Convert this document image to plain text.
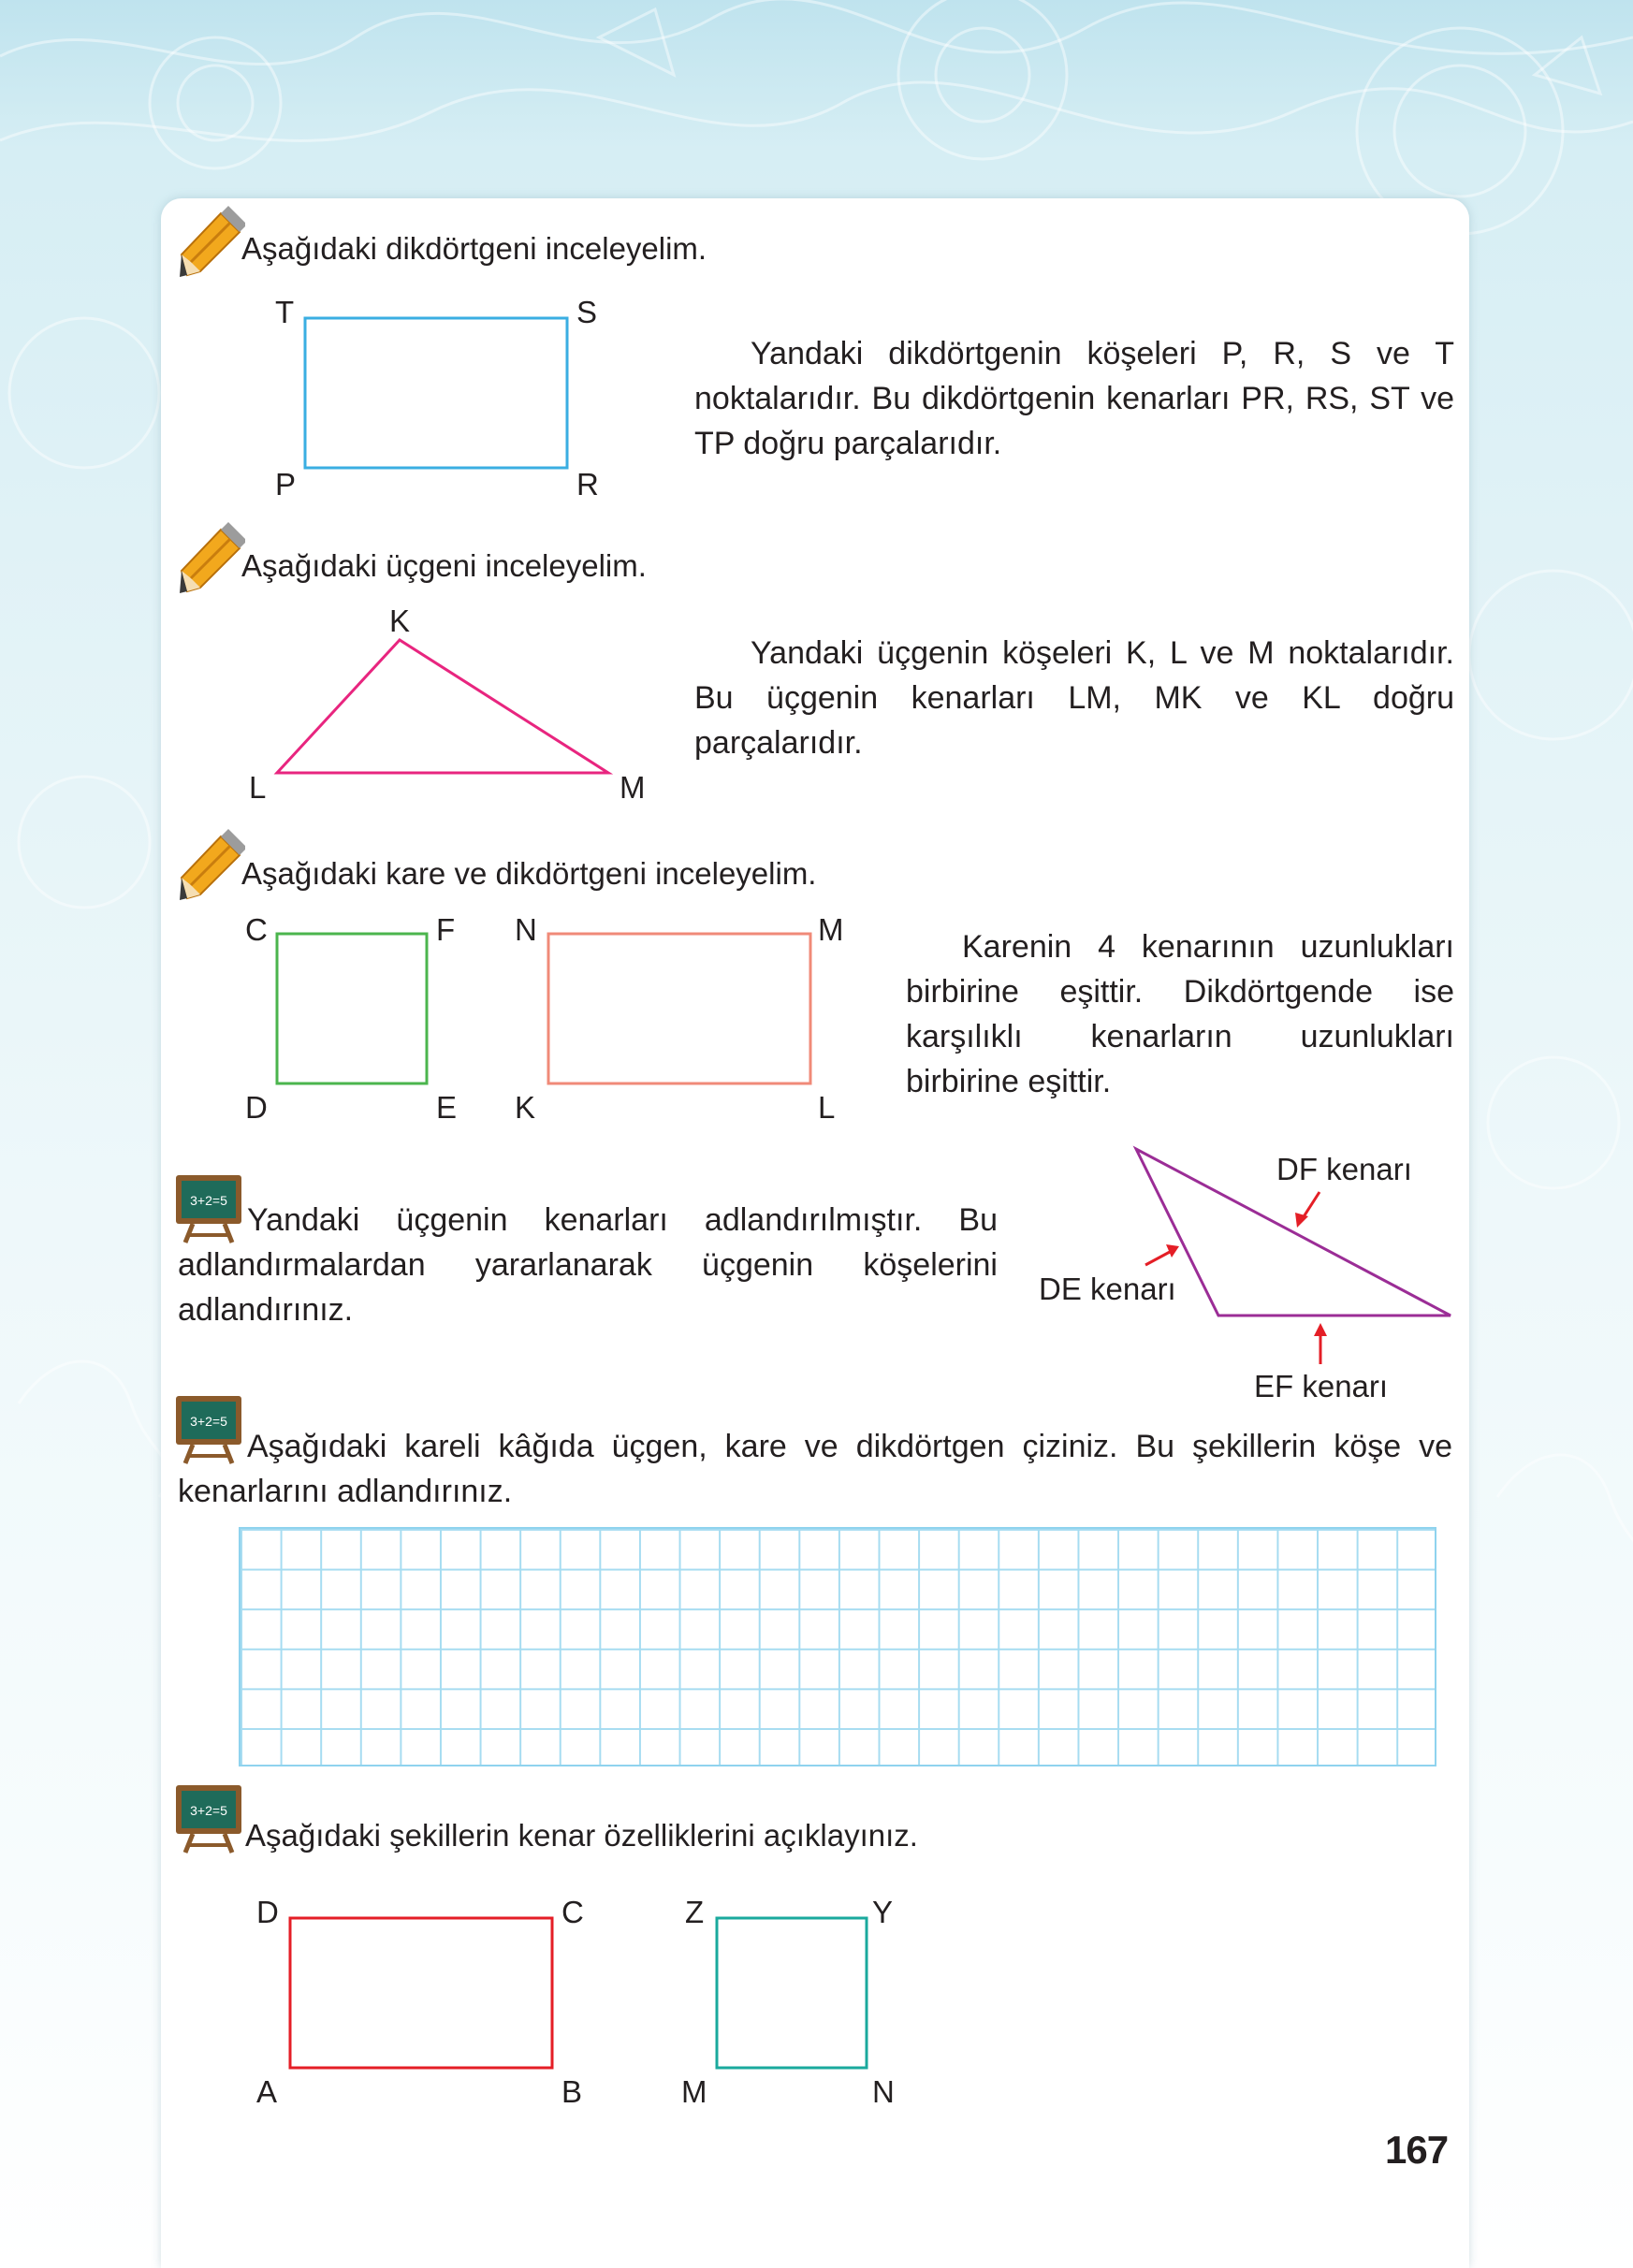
Aşağıdaki dikdörtgeni inceleyelim.
T	S
P	R
Yandaki dikdörtgenin köşeleri P, R, S ve T noktalarıdır. Bu dikdörtgenin kenarları PR, RS, ST ve TP doğru parçalarıdır.
Aşağıdaki üçgeni inceleyelim.
K
L	M
Yandaki üçgenin köşeleri K, L ve M noktalarıdır. Bu üçgenin kenarları LM, MK ve KL doğru parçalarıdır.
Aşağıdaki kare ve dikdörtgeni inceleyelim.
C	F
D	E
N	M
K	L
Karenin 4 kenarının uzunlukları birbirine eşittir. Dikdörtgende ise karşılıklı kenarların uzunlukları birbirine eşittir.
3+2=5
Yandaki üçgenin kenarları adlandırılmıştır. Bu adlandırmalardan yararlanarak üçgenin köşelerini adlandırınız.
DF kenarı
DE kenarı
EF kenarı
3+2=5
Aşağıdaki kareli kâğıda üçgen, kare ve dikdörtgen çiziniz. Bu şekillerin köşe ve kenarlarını adlandırınız.
3+2=5
Aşağıdaki şekillerin kenar özelliklerini açıklayınız.
D	C
A	B
Z	Y
M	N
167
